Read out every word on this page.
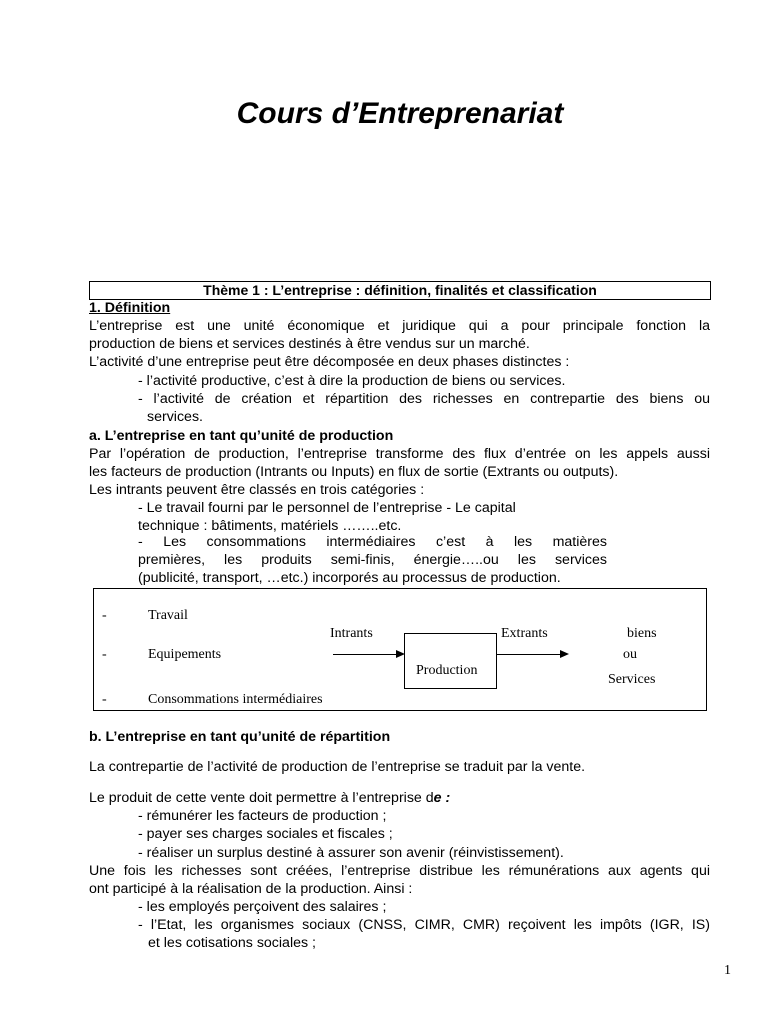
Cours d’Entreprenariat
Thème 1 : L’entreprise : définition, finalités et classification
1. Définition
L’entreprise est une unité économique et juridique qui a pour principale fonction la
production de biens et services destinés à être vendus sur un marché.
L’activité d’une entreprise peut être décomposée en deux phases distinctes :
- l’activité productive, c’est à dire la production de biens ou services.
- l’activité de création et répartition des richesses en contrepartie des biens ou
services.
a. L’entreprise en tant qu’unité de production
Par l’opération de production, l’entreprise transforme des flux d’entrée on les appels aussi
les facteurs de production (Intrants ou Inputs) en flux de sortie (Extrants ou outputs).
Les intrants peuvent être classés en trois catégories :
- Le travail fourni par le personnel de l’entreprise - Le capital
technique : bâtiments, matériels ……..etc.
- Les consommations intermédiaires c’est à les matières
premières, les produits semi-finis, énergie…..ou les services
(publicité, transport, …etc.) incorporés au processus de production.
-	Travail
Intrants
-	Equipements
Production
Extrants	biens
ou
Services
-	Consommations intermédiaires
b. L’entreprise en tant qu’unité de répartition
La contrepartie de l’activité de production de l’entreprise se traduit par la vente.
Le produit de cette vente doit permettre à l’entreprise de :
- rémunérer les facteurs de production ;
- payer ses charges sociales et fiscales ;
- réaliser un surplus destiné à assurer son avenir (réinvistissement).
Une fois les richesses sont créées, l’entreprise distribue les rémunérations aux agents qui
ont participé à la réalisation de la production. Ainsi :
- les employés perçoivent des salaires ;
- l’Etat, les organismes sociaux (CNSS, CIMR, CMR) reçoivent les impôts (IGR, IS)
et les cotisations sociales ;
1
